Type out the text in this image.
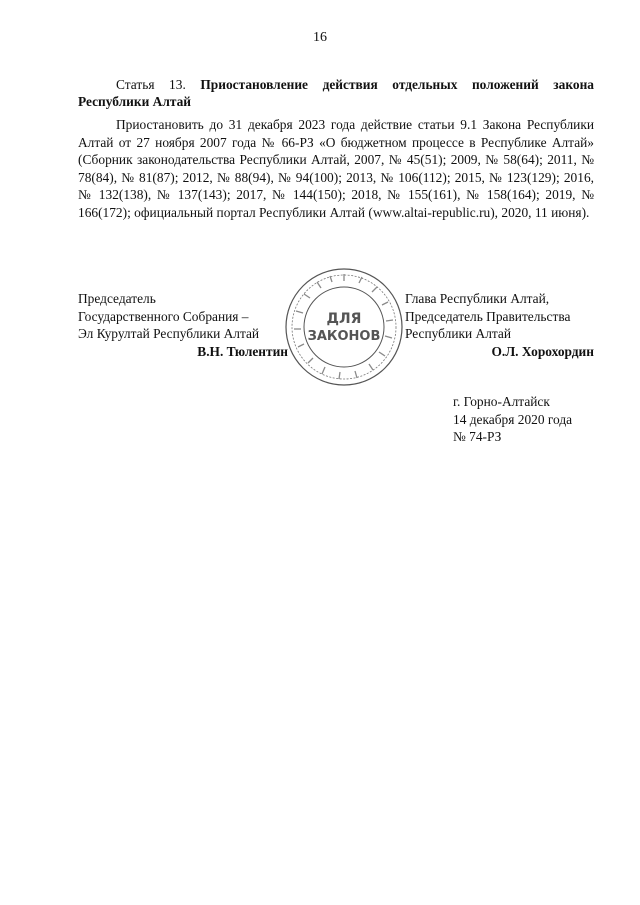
16

Статья 13. Приостановление действия отдельных положений закона Республики Алтай

Приостановить до 31 декабря 2023 года действие статьи 9.1 Закона Республики Алтай от 27 ноября 2007 года № 66-РЗ «О бюджетном процессе в Республике Алтай» (Сборник законодательства Республики Алтай, 2007, № 45(51); 2009, № 58(64); 2011, № 78(84), № 81(87); 2012, № 88(94), № 94(100); 2013, № 106(112); 2015, № 123(129); 2016, № 132(138), № 137(143); 2017, № 144(150); 2018, № 155(161), № 158(164); 2019, № 166(172); официальный портал Республики Алтай (www.altai-republic.ru), 2020, 11 июня).

Председатель
Государственного Собрания –
Эл Курултай Республики Алтай
В.Н. Тюлентин
ДЛЯ
ЗАКОНОВ
Глава Республики Алтай,
Председатель Правительства
Республики Алтай
О.Л. Хорохордин
г. Горно-Алтайск
14 декабря 2020 года
№ 74-РЗ
